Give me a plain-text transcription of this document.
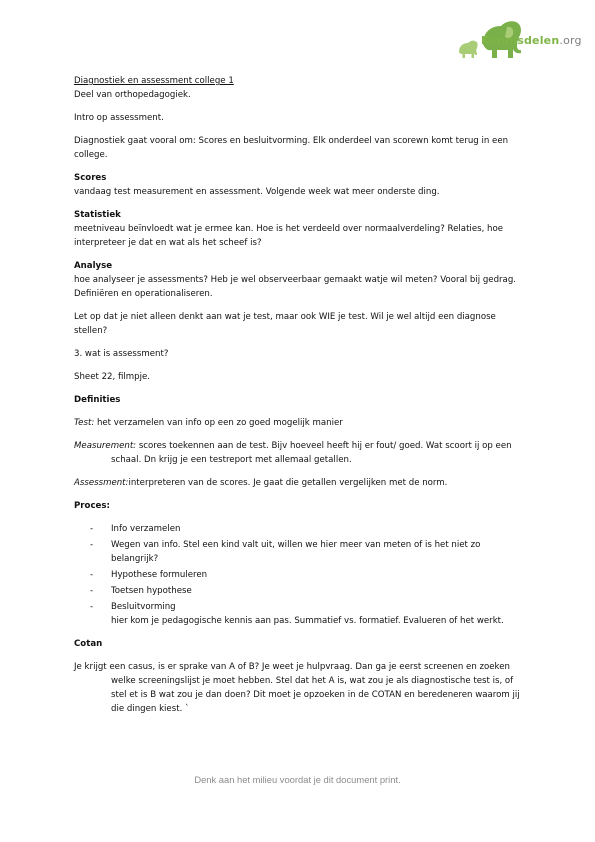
Kennisdelen.org

Diagnostiek en assessment college 1

Deel van orthopedagogiek.

Intro op assessment.

Diagnostiek gaat vooral om: Scores en besluitvorming. Elk onderdeel van scorewn komt terug in een college.

Scores

vandaag test measurement en assessment. Volgende week wat meer onderste ding.

Statistiek

meetniveau beïnvloedt wat je ermee kan. Hoe is het verdeeld over normaalverdeling? Relaties, hoe interpreteer je dat en wat als het scheef is?

Analyse

hoe analyseer je assessments? Heb je wel observeerbaar gemaakt watje wil meten? Vooral bij gedrag. Definiëren en operationaliseren.

Let op dat je niet alleen denkt aan wat je test, maar ook WIE je test. Wil je wel altijd een diagnose stellen?

3. wat is assessment?

Sheet 22, filmpje.

Definities

Test: het verzamelen van info op een zo goed mogelijk manier

Measurement: scores toekennen aan de test. Bijv hoeveel heeft hij er fout/ goed. Wat scoort ij op een schaal. Dn krijg je een testreport met allemaal getallen.

Assessment:interpreteren van de scores. Je gaat die getallen vergelijken met de norm.

Proces:

- Info verzamelen
- Wegen van info. Stel een kind valt uit, willen we hier meer van meten of is het niet zo belangrijk?
- Hypothese formuleren
- Toetsen hypothese
- Besluitvorming
hier kom je pedagogische kennis aan pas. Summatief vs. formatief. Evalueren of het werkt.

Cotan

Je krijgt een casus, is er sprake van A of B? Je weet je hulpvraag. Dan ga je eerst screenen en zoeken welke screeningslijst je moet hebben. Stel dat het A is, wat zou je als diagnostische test is, of stel et is B wat zou je dan doen? Dit moet je opzoeken in de COTAN en beredeneren waarom jij die dingen kiest. `

Denk aan het milieu voordat je dit document print.
